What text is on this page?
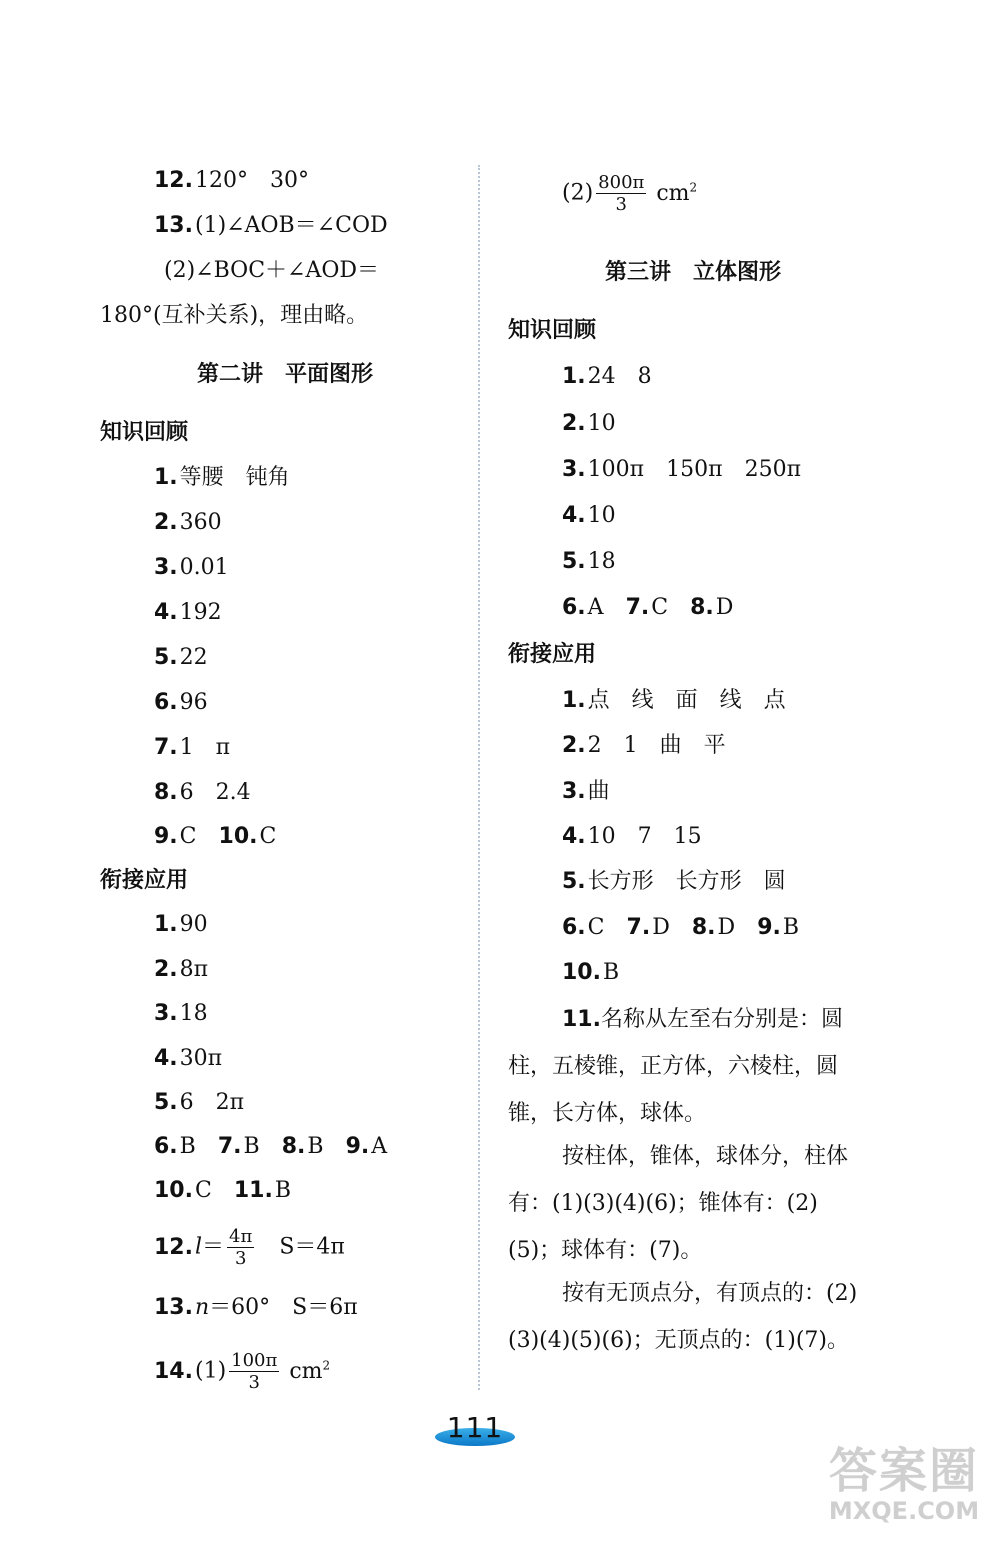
12.120°　30°
13.(1)∠AOB＝∠COD
(2)∠BOC＋∠AOD＝
180°(互补关系)，理由略。
第二讲　平面图形
知识回顾
1.等腰　钝角
2.360
3.0.01
4.192
5.22
6.96
7.1　π
8.6　2.4
9.C　 10.C
衔接应用
1.90
2.8π
3.18
4.30π
5.6　2π
6.B　 7.B　 8.B　 9.A
10.C　 11.B
$12.l= \frac{4\pi}{3}$
　 S＝4π
13.n＝60°　S＝6π
$14.(1) \frac{100\pi}{3} cm^2$
$(2) \frac{800\pi}{3} cm^2$
第三讲　立体图形
知识回顾
1.24　8
2.10
3.100π　150π　250π
4.10
5.18
6.A　 7.C　 8.D
衔接应用
1.点　线　面　线　点
2.2　1　曲　平
3.曲
4.10　7　15
5.长方形　长方形　圆
6.C　 7.D　 8.D　 9.B
10.B
11.名称从左至右分别是：圆柱，五棱锥，正方体，六棱柱，圆锥，长方体，球体。
按柱体，锥体，球体分，柱体有：(1)(3)(4)(6)；锥体有：(2)(5)；球体有：(7)。
按有无顶点分，有顶点的：(2)(3)(4)(5)(6)；无顶点的：(1)(7)。
111
答案圈
MXQE.COM
